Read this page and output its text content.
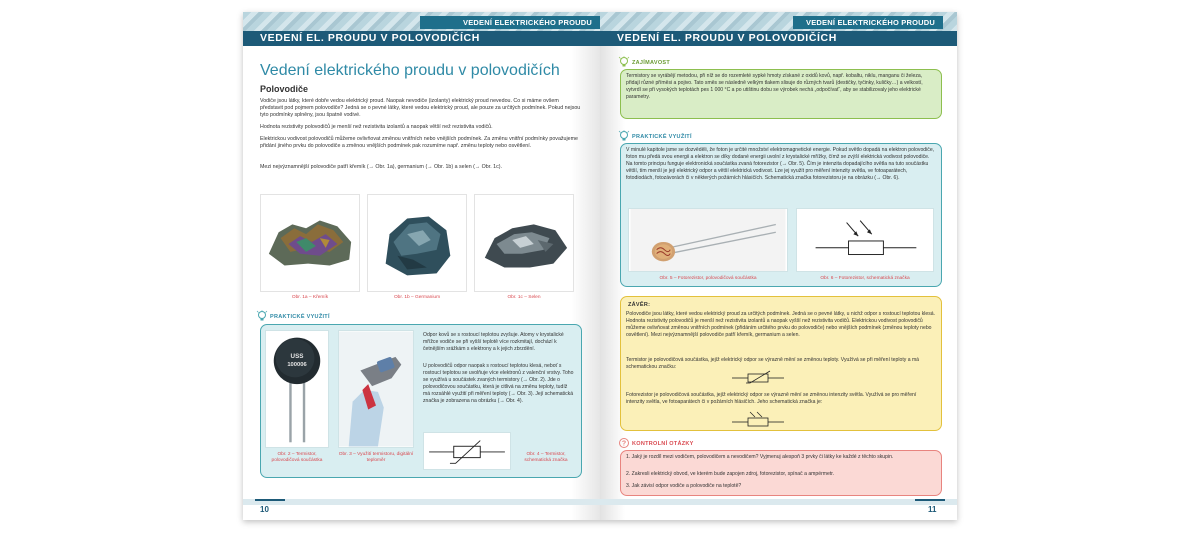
VEDENÍ ELEKTRICKÉHO PROUDU
VEDENÍ EL. PROUDU V POLOVODIČÍCH
Vedení elektrického proudu v polovodičích
Polovodiče
Vodiče jsou látky, které dobře vedou elektrický proud. Naopak nevodiče (izolanty) elektrický proud nevedou. Co si máme ovšem představit pod pojmem polovodiče? Jedná se o pevné látky, které vedou elektrický proud, ale pouze za určitých podmínek. Pokud nejsou tyto podmínky splněny, jsou špatně vodivé.
Hodnota rezistivity polovodičů je menší než rezistivita izolantů a naopak větší než rezistivita vodičů.
Elektrickou vodivost polovodičů můžeme ovlivňovat změnou vnitřních nebo vnějších podmínek. Za změnu vnitřní podmínky považujeme přidání jiného prvku do polovodiče a změnou vnějších podmínek pak rozumíme např. změnu teploty nebo osvětlení.
Mezi nejvýznamnější polovodiče patří křemík (→ Obr. 1a), germanium (→ Obr. 1b) a selen (→ Obr. 1c).
Obr. 1a – Křemík	Obr. 1b – Germanium	Obr. 1c – Selen
PRAKTICKÉ VYUŽITÍ
USS
100006
Odpor kovů se s rostoucí teplotou zvyšuje. Atomy v krystalické mřížce vodiče se při vyšší teplotě více rozkmitají, dochází k četnějším srážkám s elektrony a k jejich zbrzdění.
U polovodičů odpor naopak s rostoucí teplotou klesá, neboť s rostoucí teplotou se uvolňuje více elektronů z valenční vrstvy. Toho se využívá u součástek zvaných termistory (→ Obr. 2). Jde o polovodičovou součástku, která je citlivá na změnu teploty, tudíž má rozsáhlé využití při měření teploty (→ Obr. 3). Její schematická značka je zobrazena na obrázku (→ Obr. 4).
Obr. 2 – Termistor, polovodičová součástka
Obr. 3 – Využití termistoru, digitální teploměr
Obr. 4 – Termistor, schematická značka
10
VEDENÍ ELEKTRICKÉHO PROUDU
VEDENÍ EL. PROUDU V POLOVODIČÍCH
ZAJÍMAVOST
Termistory se vyrábějí metodou, při níž se do rozemleté sypké hmoty získané z oxidů kovů, např. kobaltu, niklu, manganu či železa, přidají různé příměsi a pojivo. Tato směs se následně velkým tlakem slisuje do různých tvarů (destičky, tyčinky, kuličky…) a velkostí, vytvrdí se při vysokých teplotách pes 1 000 °C a po utištinu dobu se výrobek nechá „odpočívat“, aby se stabilizovaly jeho elektrické parametry.
PRAKTICKÉ VYUŽITÍ
V minulé kapitole jsme se dozvěděli, že foton je určité množství elektromagnetické energie. Pokud světlo dopadá na elektron polovodiče, foton mu předá svou energii a elektron se díky dodané energii uvolní z krystalické mřížky, čímž se zvýší elektrická vodivost polovodiče. Na tomto principu funguje elektronická součástka zvaná fotorezistor (→ Obr. 5). Čím je intenzita dopadajícího světla na tuto součástku větší, tím menší je její elektrický odpor a větší elektrická vodivost. Lze jej využít pro měření intenzity světla, ve fotoaparátech, fotodiodách, fotozávorách či v některých požárních hlásičích. Schematická značka fotorezistoru je na obrázku (→ Obr. 6).
Obr. 5 – Fotorezistor, polovodičová součástka	Obr. 6 – Fotorezistor, schematická značka
ZÁVĚR:
Polovodiče jsou látky, které vedou elektrický proud za určitých podmínek. Jedná se o pevné látky, u nichž odpor s rostoucí teplotou klesá. Hodnota rezistivity polovodičů je menší než rezistivita izolantů a naopak vyšší než rezistivita vodičů. Elektrickou vodivost polovodičů můžeme ovlivňovat změnou vnitřních podmínek (přidáním určitého prvku do polovodiče) nebo vnějších podmínek (změnou teploty nebo osvětlení). Mezi nejvýznamnější polovodiče patří křemík, germanium a selen.
Termistor je polovodičová součástka, jejíž elektrický odpor se výrazně mění se změnou teploty. Využívá se při měření teploty a má schematickou značku:
Fotorezistor je polovodičová součástka, jejíž elektrický odpor se výrazně mění se změnou intenzity světla. Využívá se pro měření intenzity světla, ve fotoaparátech či v požárních hlásičích. Jeho schematická značka je:
? KONTROLNÍ OTÁZKY
1. Jaký je rozdíl mezi vodičem, polovodičem a nevodičem? Vyjmenuj alespoň 3 prvky či látky ke každé z těchto skupin.
2. Zakresli elektrický obvod, ve kterém bude zapojen zdroj, fotorezistor, spínač a ampérmetr.
3. Jak závisí odpor vodiče a polovodiče na teplotě?
11
